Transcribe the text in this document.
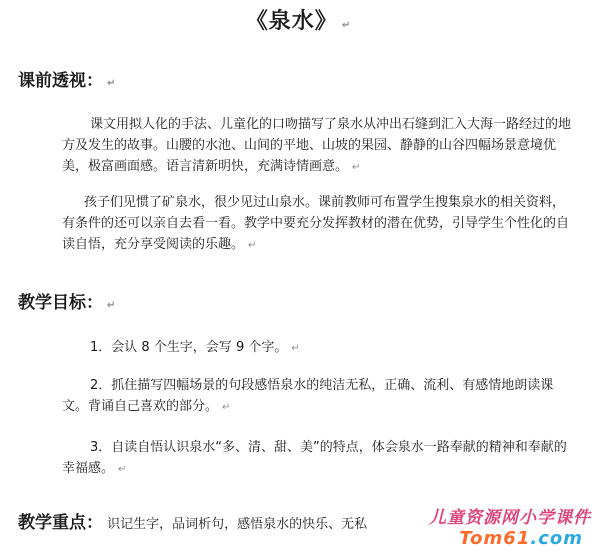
《泉水》 ↵
课前透视： ↵
课文用拟人化的手法、儿童化的口吻描写了泉水从冲出石缝到汇入大海一路经过的地方及发生的故事。山腰的水池、山间的平地、山坡的果园、静静的山谷四幅场景意境优美，极富画面感。语言清新明快，充满诗情画意。 ↵
孩子们见惯了矿泉水，很少见过山泉水。课前教师可布置学生搜集泉水的相关资料，有条件的还可以亲自去看一看。教学中要充分发挥教材的潜在优势，引导学生个性化的自读自悟，充分享受阅读的乐趣。 ↵
教学目标： ↵
1．会认 8 个生字，会写 9 个字。 ↵
2．抓住描写四幅场景的句段感悟泉水的纯洁无私，正确、流利、有感情地朗读课文。背诵自己喜欢的部分。 ↵
3．自读自悟认识泉水“多、清、甜、美”的特点，体会泉水一路奉献的精神和奉献的幸福感。 ↵
教学重点： 识记生字，品词析句，感悟泉水的快乐、无私	儿童资源网小学课件
Tom61.com
